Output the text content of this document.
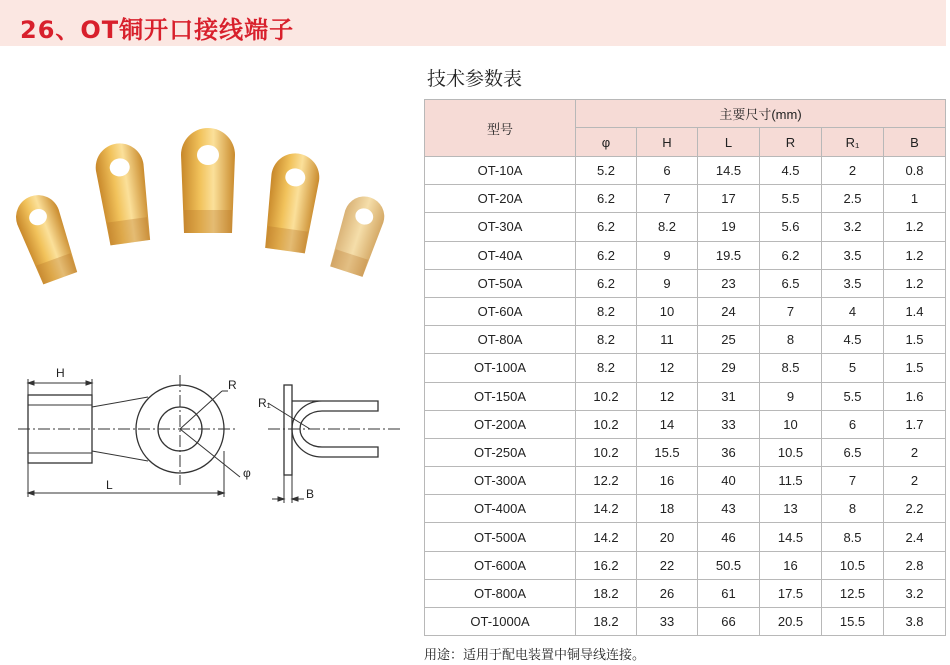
26、OT铜开口接线端子
H
L
R
φ
R₁
B
技术参数表
型号	主要尺寸(mm)					
	φ	H	L	R	R₁	B
OT-10A	5.2	6	14.5	4.5	2	0.8
OT-20A	6.2	7	17	5.5	2.5	1
OT-30A	6.2	8.2	19	5.6	3.2	1.2
OT-40A	6.2	9	19.5	6.2	3.5	1.2
OT-50A	6.2	9	23	6.5	3.5	1.2
OT-60A	8.2	10	24	7	4	1.4
OT-80A	8.2	11	25	8	4.5	1.5
OT-100A	8.2	12	29	8.5	5	1.5
OT-150A	10.2	12	31	9	5.5	1.6
OT-200A	10.2	14	33	10	6	1.7
OT-250A	10.2	15.5	36	10.5	6.5	2
OT-300A	12.2	16	40	11.5	7	2
OT-400A	14.2	18	43	13	8	2.2
OT-500A	14.2	20	46	14.5	8.5	2.4
OT-600A	16.2	22	50.5	16	10.5	2.8
OT-800A	18.2	26	61	17.5	12.5	3.2
OT-1000A	18.2	33	66	20.5	15.5	3.8
用途：适用于配电装置中铜导线连接。
